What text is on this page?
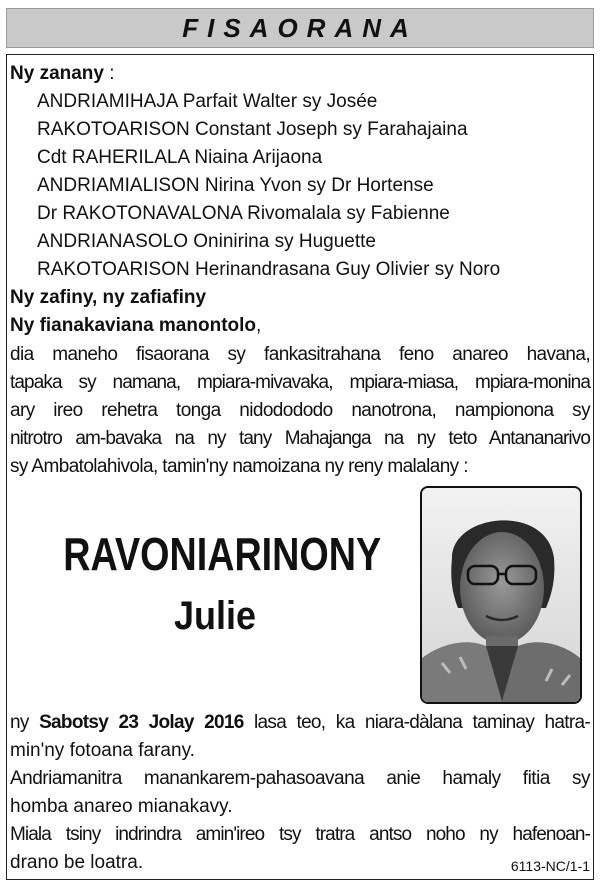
FISAORANA
Ny zanany :
ANDRIAMIHAJA Parfait Walter sy Josée
RAKOTOARISON Constant Joseph sy Farahajaina
Cdt RAHERILALA Niaina Arijaona
ANDRIAMIALISON Nirina Yvon sy Dr Hortense
Dr RAKOTONAVALONA Rivomalala sy Fabienne
ANDRIANASOLO Oninirina sy Huguette
RAKOTOARISON Herinandrasana Guy Olivier sy Noro
Ny zafiny, ny zafiafiny
Ny fianakaviana manontolo,
dia maneho fisaorana sy fankasitrahana feno anareo havana,
tapaka sy namana, mpiara-mivavaka, mpiara-miasa, mpiara-monina
ary ireo rehetra tonga nidodododo nanotrona, nampionona sy
nitrotro am-bavaka na ny tany Mahajanga na ny teto Antananarivo
sy Ambatolahivola, tamin'ny namoizana ny reny malalany :
RAVONIARINONY
Julie
ny Sabotsy 23 Jolay 2016 lasa teo, ka niara-dàlana taminay hatra-
min'ny fotoana farany.
Andriamanitra manankarem-pahasoavana anie hamaly fitia sy
homba anareo mianakavy.
Miala tsiny indrindra amin'ireo tsy tratra antso noho ny hafenoan-
drano be loatra.	6113-NC/1-1
